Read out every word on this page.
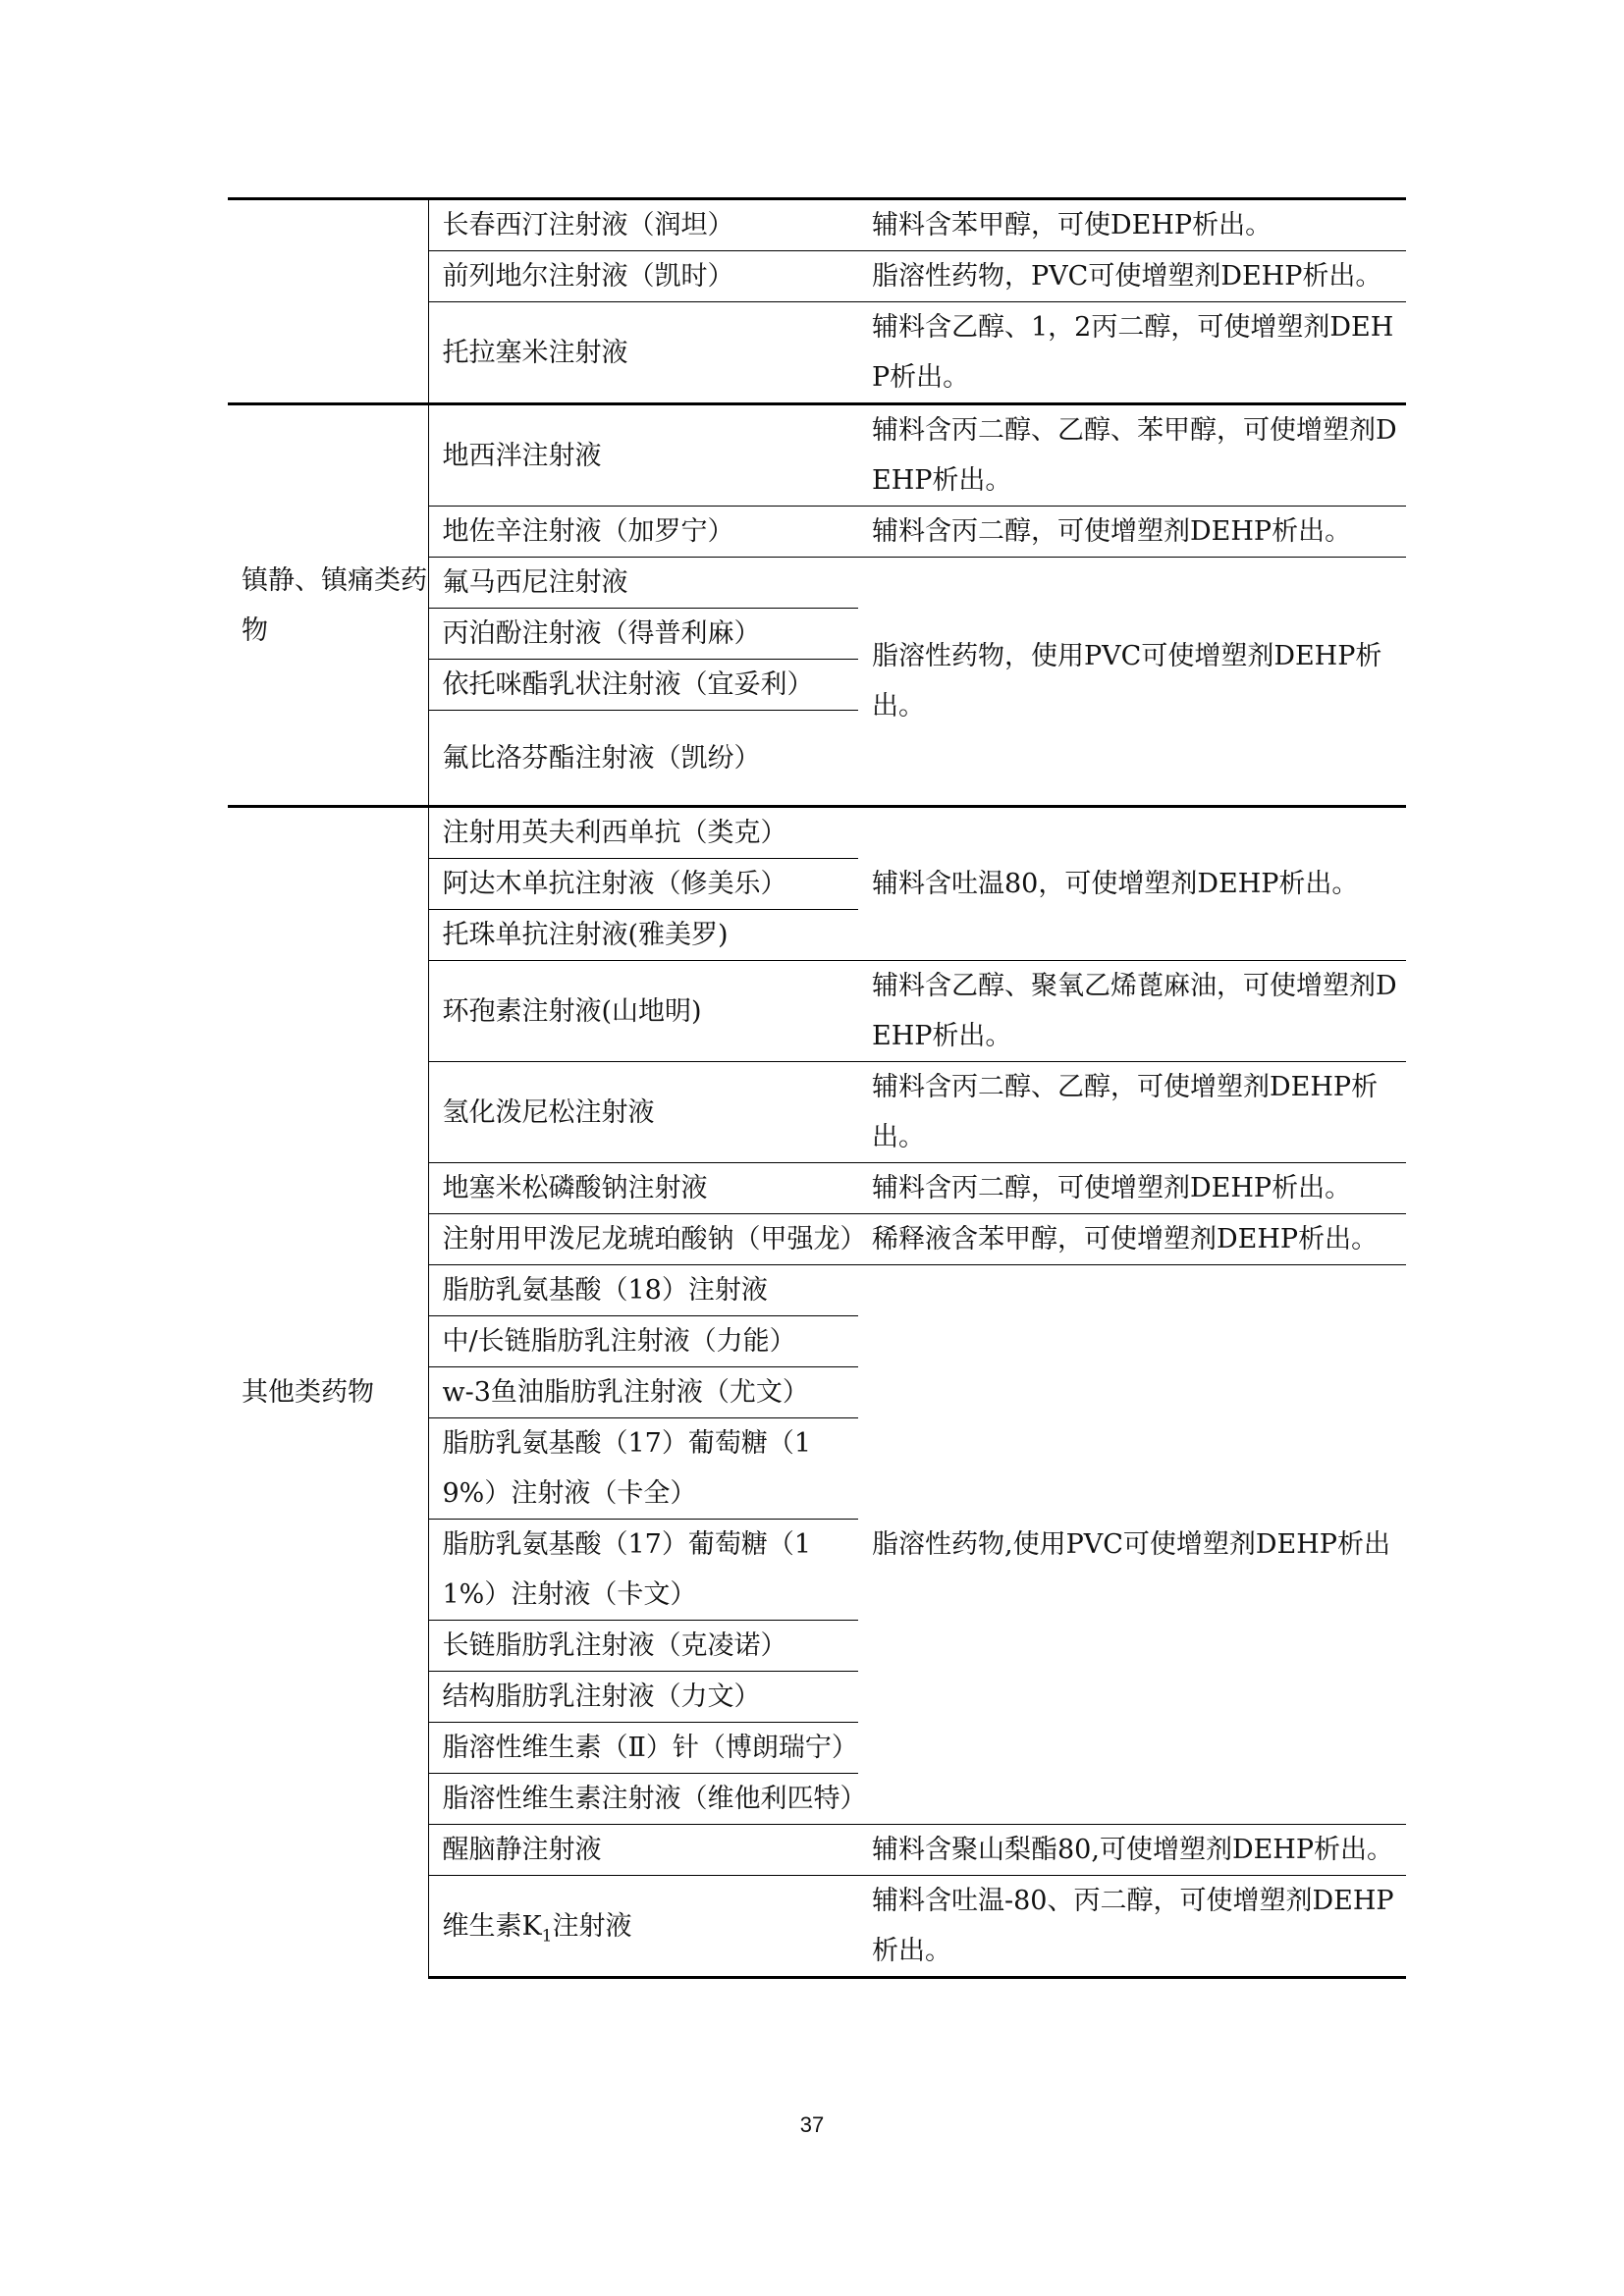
	长春西汀注射液（润坦）	辅料含苯甲醇，可使DEHP析出。
	前列地尔注射液（凯时）	脂溶性药物，PVC可使增塑剂DEHP析出。
	托拉塞米注射液	辅料含乙醇、1，2丙二醇，可使增塑剂DEHP析出。
镇静、镇痛类药物	地西泮注射液	辅料含丙二醇、乙醇、苯甲醇，可使增塑剂DEHP析出。
	地佐辛注射液（加罗宁）	辅料含丙二醇，可使增塑剂DEHP析出。
	氟马西尼注射液	脂溶性药物，使用PVC可使增塑剂DEHP析出。
	丙泊酚注射液（得普利麻）	
	依托咪酯乳状注射液（宜妥利）	
	氟比洛芬酯注射液（凯纷）	
其他类药物	注射用英夫利西单抗（类克）	辅料含吐温80，可使增塑剂DEHP析出。
	阿达木单抗注射液（修美乐）	
	托珠单抗注射液(雅美罗)	
	环孢素注射液(山地明)	辅料含乙醇、聚氧乙烯蓖麻油，可使增塑剂DEHP析出。
	氢化泼尼松注射液	辅料含丙二醇、乙醇，可使增塑剂DEHP析出。
	地塞米松磷酸钠注射液	辅料含丙二醇，可使增塑剂DEHP析出。
	注射用甲泼尼龙琥珀酸钠（甲强龙）	稀释液含苯甲醇，可使增塑剂DEHP析出。
	脂肪乳氨基酸（18）注射液	脂溶性药物,使用PVC可使增塑剂DEHP析出
	中/长链脂肪乳注射液（力能）	
	w-3鱼油脂肪乳注射液（尤文）	
	脂肪乳氨基酸（17）葡萄糖（19%）注射液（卡全）	
	脂肪乳氨基酸（17）葡萄糖（11%）注射液（卡文）	
	长链脂肪乳注射液（克凌诺）	
	结构脂肪乳注射液（力文）	
	脂溶性维生素（Ⅱ）针（博朗瑞宁）	
	脂溶性维生素注射液（维他利匹特）	
	醒脑静注射液	辅料含聚山梨酯80,可使增塑剂DEHP析出。
	维生素$K_1$注射液	辅料含吐温-80、丙二醇，可使增塑剂DEHP析出。
37
